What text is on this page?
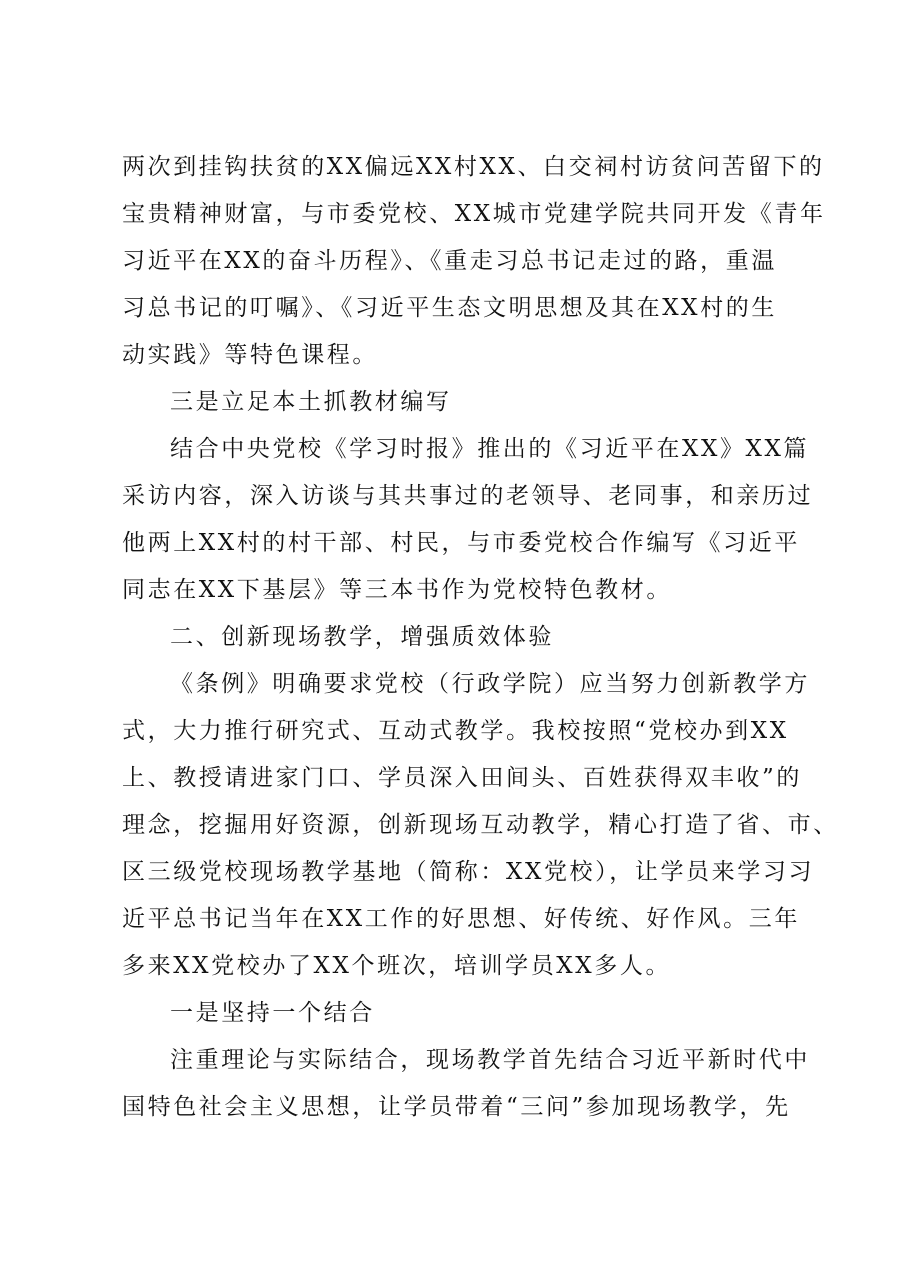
两次到挂钩扶贫的XX偏远XX村XX、白交祠村访贫问苦留下的
宝贵精神财富，与市委党校、XX城市党建学院共同开发《青年
习近平在XX的奋斗历程》、《重走习总书记走过的路，重温
习总书记的叮嘱》、《习近平生态文明思想及其在XX村的生
动实践》等特色课程。
三是立足本土抓教材编写
结合中央党校《学习时报》推出的《习近平在XX》XX篇
采访内容，深入访谈与其共事过的老领导、老同事，和亲历过
他两上XX村的村干部、村民，与市委党校合作编写《习近平
同志在XX下基层》等三本书作为党校特色教材。
二、创新现场教学，增强质效体验
《条例》明确要求党校（行政学院）应当努力创新教学方
式，大力推行研究式、互动式教学。我校按照“党校办到XX
上、教授请进家门口、学员深入田间头、百姓获得双丰收”的
理念，挖掘用好资源，创新现场互动教学，精心打造了省、市、
区三级党校现场教学基地（简称：XX党校），让学员来学习习
近平总书记当年在XX工作的好思想、好传统、好作风。三年
多来XX党校办了XX个班次，培训学员XX多人。
一是坚持一个结合
注重理论与实际结合，现场教学首先结合习近平新时代中
国特色社会主义思想，让学员带着“三问”参加现场教学，先
